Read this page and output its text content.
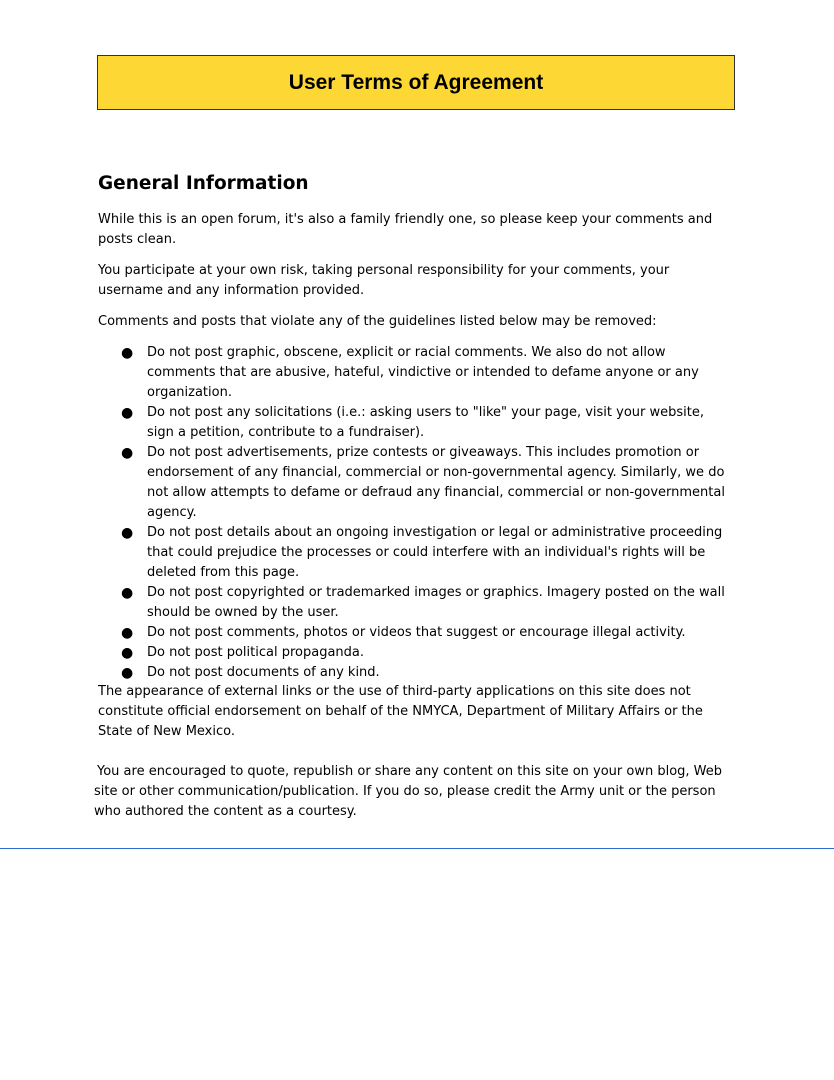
User Terms of Agreement
General Information

While this is an open forum, it's also a family friendly one, so please keep your comments and posts clean.

You participate at your own risk, taking personal responsibility for your comments, your username and any information provided.

Comments and posts that violate any of the guidelines listed below may be removed:

● Do not post graphic, obscene, explicit or racial comments. We also do not allow comments that are abusive, hateful, vindictive or intended to defame anyone or any organization.
● Do not post any solicitations (i.e.: asking users to "like" your page, visit your website, sign a petition, contribute to a fundraiser).
● Do not post advertisements, prize contests or giveaways. This includes promotion or endorsement of any financial, commercial or non-governmental agency. Similarly, we do not allow attempts to defame or defraud any financial, commercial or non-governmental agency.
● Do not post details about an ongoing investigation or legal or administrative proceeding that could prejudice the processes or could interfere with an individual's rights will be deleted from this page.
● Do not post copyrighted or trademarked images or graphics. Imagery posted on the wall should be owned by the user.
● Do not post comments, photos or videos that suggest or encourage illegal activity.
● Do not post political propaganda.
● Do not post documents of any kind.

The appearance of external links or the use of third-party applications on this site does not constitute official endorsement on behalf of the NMYCA, Department of Military Affairs or the State of New Mexico.

You are encouraged to quote, republish or share any content on this site on your own blog, Web site or other communication/publication. If you do so, please credit the Army unit or the person who authored the content as a courtesy.
